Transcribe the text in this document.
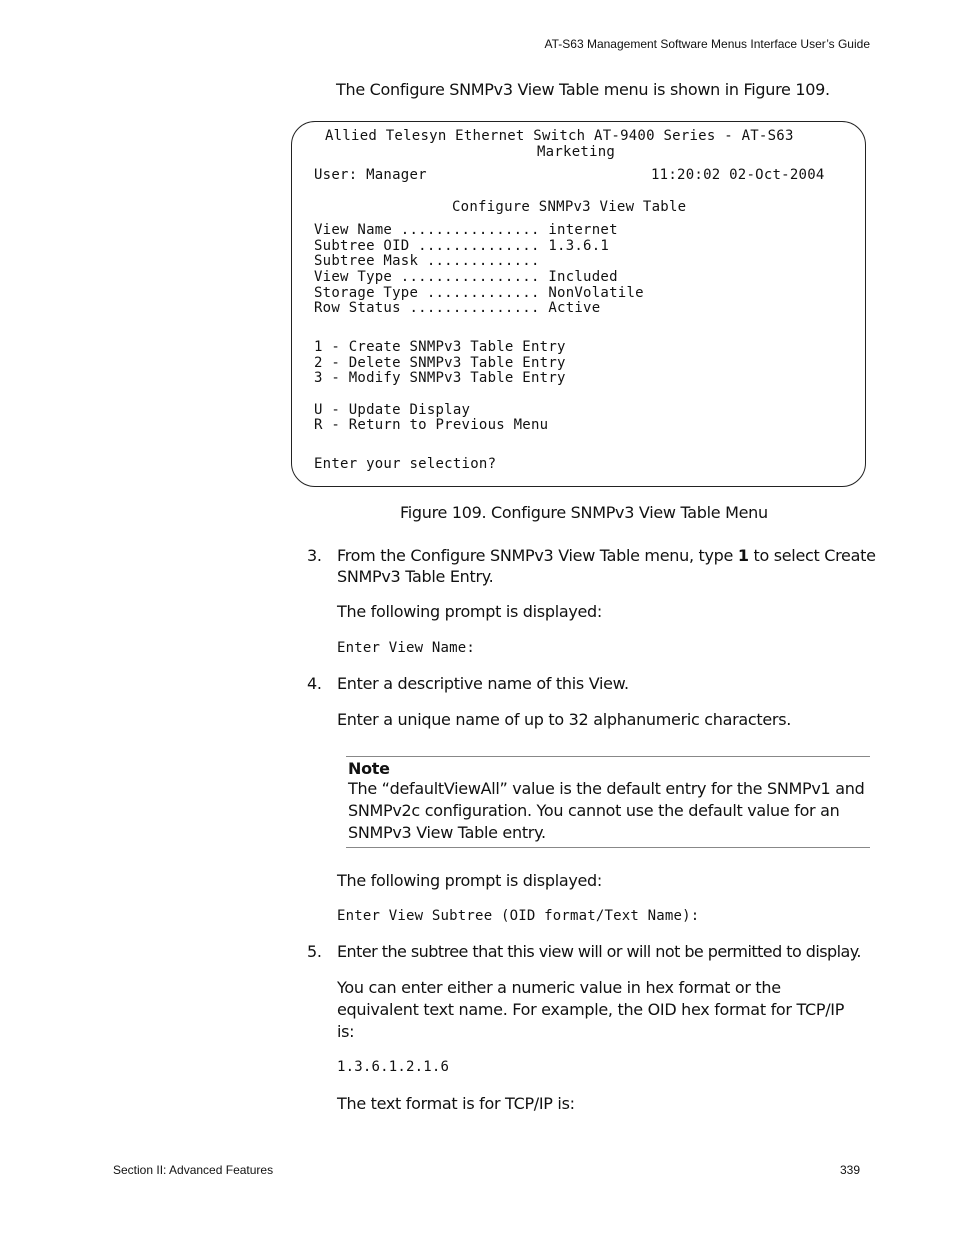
AT-S63 Management Software Menus Interface User’s Guide
The Configure SNMPv3 View Table menu is shown in Figure 109.
Allied Telesyn Ethernet Switch AT-9400 Series - AT-S63
Marketing
User: Manager	11:20:02 02-Oct-2004
Configure SNMPv3 View Table
View Name ................ internet
Subtree OID .............. 1.3.6.1
Subtree Mask .............
View Type ................ Included
Storage Type ............. NonVolatile
Row Status ............... Active
1 - Create SNMPv3 Table Entry
2 - Delete SNMPv3 Table Entry
3 - Modify SNMPv3 Table Entry
U - Update Display
R - Return to Previous Menu
Enter your selection?
Figure 109. Configure SNMPv3 View Table Menu
3. From the Configure SNMPv3 View Table menu, type 1 to select Create
SNMPv3 Table Entry.
The following prompt is displayed:
Enter View Name:
4. Enter a descriptive name of this View.
Enter a unique name of up to 32 alphanumeric characters.
Note
The “defaultViewAll” value is the default entry for the SNMPv1 and
SNMPv2c configuration. You cannot use the default value for an
SNMPv3 View Table entry.
The following prompt is displayed:
Enter View Subtree (OID format/Text Name):
5. Enter the subtree that this view will or will not be permitted to display.
You can enter either a numeric value in hex format or the
equivalent text name. For example, the OID hex format for TCP/IP
is:
1.3.6.1.2.1.6
The text format is for TCP/IP is:
Section II: Advanced Features	339
